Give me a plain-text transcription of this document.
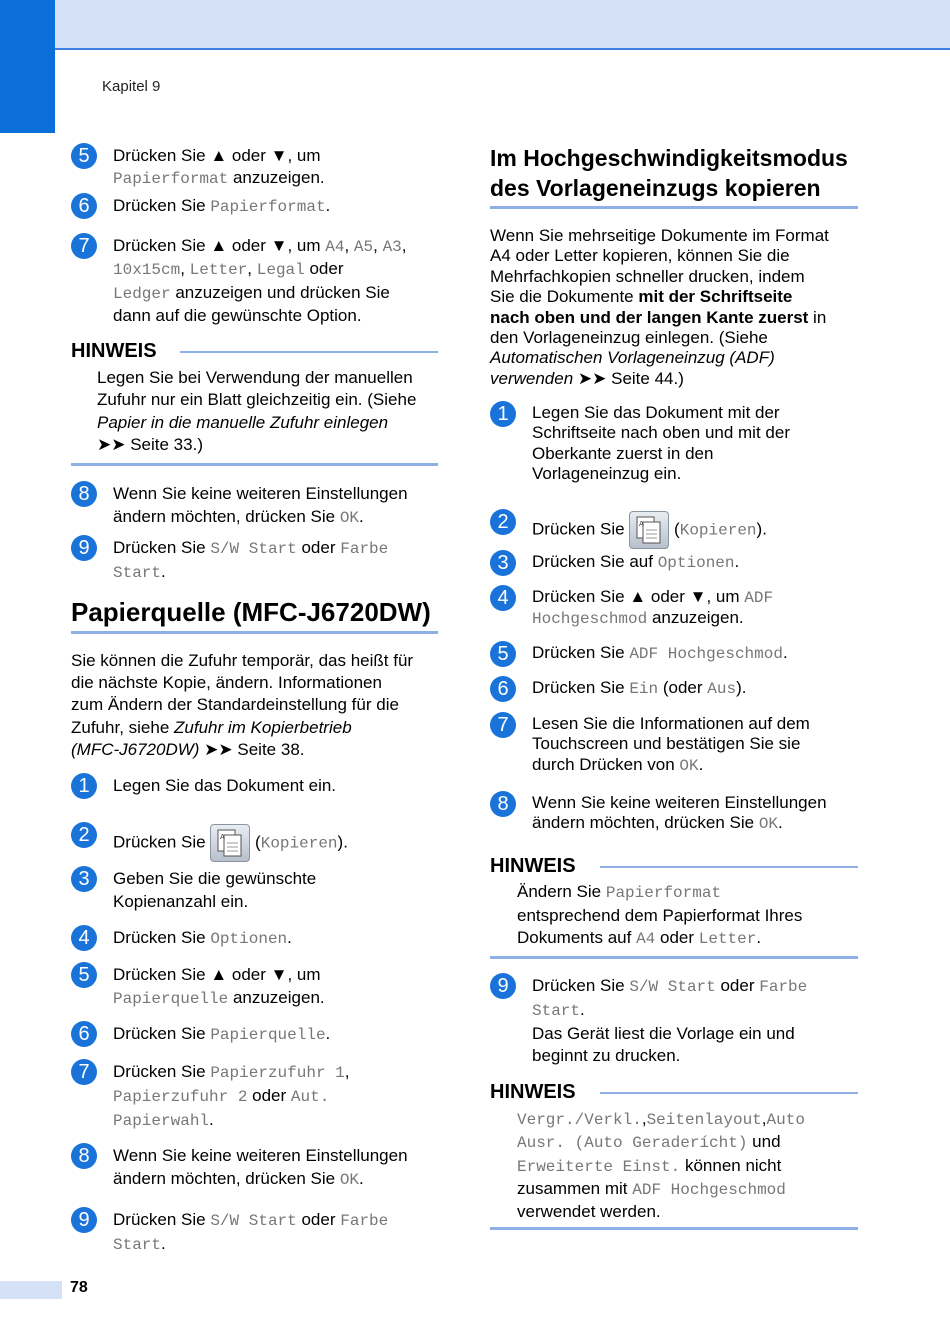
Kapitel 9
5	Drücken Sie ▲ oder ▼, um
Papierformat anzuzeigen.
6	Drücken Sie Papierformat.
7	Drücken Sie ▲ oder ▼, um A4, A5, A3,
10x15cm, Letter, Legal oder
Ledger anzuzeigen und drücken Sie
dann auf die gewünschte Option.
HINWEIS
Legen Sie bei Verwendung der manuellen
Zufuhr nur ein Blatt gleichzeitig ein. (Siehe
Papier in die manuelle Zufuhr einlegen
➤➤ Seite 33.)
8	Wenn Sie keine weiteren Einstellungen
ändern möchten, drücken Sie OK.
9	Drücken Sie S/W Start oder Farbe
Start.
Papierquelle (MFC-J6720DW)
Sie können die Zufuhr temporär, das heißt für
die nächste Kopie, ändern. Informationen
zum Ändern der Standardeinstellung für die
Zufuhr, siehe Zufuhr im Kopierbetrieb
(MFC-J6720DW) ➤➤ Seite 38.
1	Legen Sie das Dokument ein.
2	Drücken Sie A (Kopieren).
3	Geben Sie die gewünschte
Kopienanzahl ein.
4	Drücken Sie Optionen.
5	Drücken Sie ▲ oder ▼, um
Papierquelle anzuzeigen.
6	Drücken Sie Papierquelle.
7	Drücken Sie Papierzufuhr 1,
Papierzufuhr 2 oder Aut.
Papierwahl.
8	Wenn Sie keine weiteren Einstellungen
ändern möchten, drücken Sie OK.
9	Drücken Sie S/W Start oder Farbe
Start.
Im Hochgeschwindigkeitsmodus
des Vorlageneinzugs kopieren
Wenn Sie mehrseitige Dokumente im Format
A4 oder Letter kopieren, können Sie die
Mehrfachkopien schneller drucken, indem
Sie die Dokumente mit der Schriftseite
nach oben und der langen Kante zuerst in
den Vorlageneinzug einlegen. (Siehe
Automatischen Vorlageneinzug (ADF)
verwenden ➤➤ Seite 44.)
1	Legen Sie das Dokument mit der
Schriftseite nach oben und mit der
Oberkante zuerst in den
Vorlageneinzug ein.
2	Drücken Sie A (Kopieren).
3	Drücken Sie auf Optionen.
4	Drücken Sie ▲ oder ▼, um ADF
Hochgeschmod anzuzeigen.
5	Drücken Sie ADF Hochgeschmod.
6	Drücken Sie Ein (oder Aus).
7	Lesen Sie die Informationen auf dem
Touchscreen und bestätigen Sie sie
durch Drücken von OK.
8	Wenn Sie keine weiteren Einstellungen
ändern möchten, drücken Sie OK.
HINWEIS
Ändern Sie Papierformat
entsprechend dem Papierformat Ihres
Dokuments auf A4 oder Letter.
9	Drücken Sie S/W Start oder Farbe
Start.
Das Gerät liest die Vorlage ein und
beginnt zu drucken.
HINWEIS
Vergr./Verkl.,Seitenlayout,Auto
Ausr. (Auto Geraderícht) und
Erweiterte Einst. können nicht
zusammen mit ADF Hochgeschmod
verwendet werden.
78
